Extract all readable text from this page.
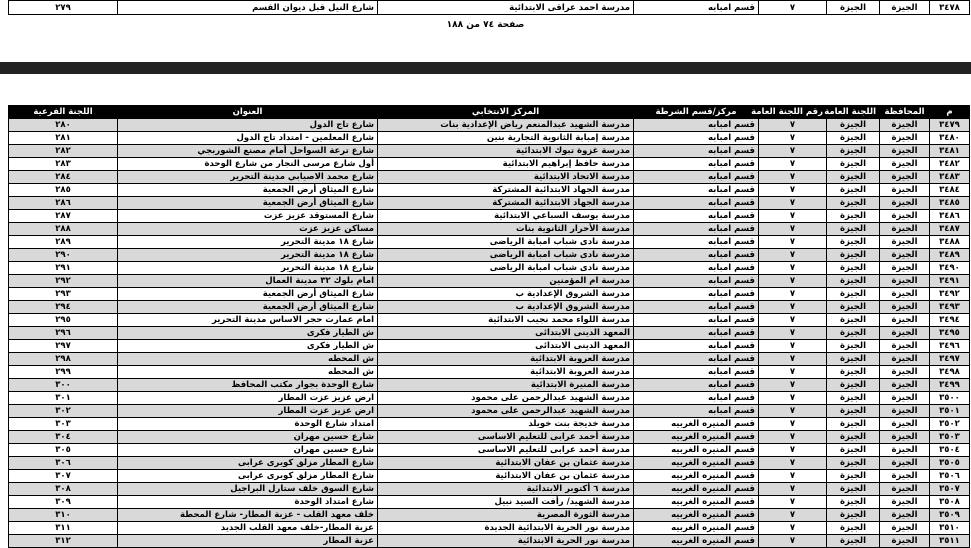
٣٤٧٨	الجيزة	الجيزة	٧	قسم امبابه	مدرسة احمد عراقى الابتدائية	شارع النيل قبل ديوان القسم	٢٧٩
صفحة ٧٤ من ١٨٨
م	المحافظة	اللجنة العامة	رقم اللجنة العامة	مركز/قسم الشرطة	المركز الانتخابي	العنوان	اللجنة الفرعية
٣٤٧٩	الجيزة	الجيزة	٧	قسم امبابه	مدرسة الشهيد عبدالمنعم رياض الإعدادية بنات	شارع تاج الدول	٢٨٠
٣٤٨٠	الجيزة	الجيزة	٧	قسم امبابه	مدرسة إمبابة الثانوية التجارية بنين	شارع المعلمين - امتداد تاج الدول	٢٨١
٣٤٨١	الجيزة	الجيزة	٧	قسم امبابه	مدرسة غزوة تبوك الابتدائية	شارع ترعة السواحل أمام مصنع الشوربجي	٢٨٢
٣٤٨٢	الجيزة	الجيزة	٧	قسم امبابه	مدرسة حافظ إبراهيم الابتدائية	أول شارع مرسى النجار من شارع الوحدة	٢٨٣
٣٤٨٣	الجيزة	الجيزة	٧	قسم امبابه	مدرسة الاتحاد الابتدائية	شارع محمد الاصيابي مدينة التحرير	٢٨٤
٣٤٨٤	الجيزة	الجيزة	٧	قسم امبابه	مدرسة الجهاد الابتدائية المشتركة	شارع الميثاق أرض الجمعية	٢٨٥
٣٤٨٥	الجيزة	الجيزة	٧	قسم امبابه	مدرسة الجهاد الابتدائية المشتركة	شارع الميثاق أرض الجمعية	٢٨٦
٣٤٨٦	الجيزة	الجيزة	٧	قسم امبابه	مدرسة يوسف السباعي الابتدائية	شارع المستوقد عزيز عزت	٢٨٧
٣٤٨٧	الجيزة	الجيزة	٧	قسم امبابه	مدرسة الأحرار الثانوية بنات	مساكن عزيز عزت	٢٨٨
٣٤٨٨	الجيزة	الجيزة	٧	قسم امبابه	مدرسة نادى شباب امبابة الرياضى	شارع ١٨ مدينة التحرير	٢٨٩
٣٤٨٩	الجيزة	الجيزة	٧	قسم امبابه	مدرسة نادى شباب امبابة الرياضى	شارع ١٨ مدينة التحرير	٢٩٠
٣٤٩٠	الجيزة	الجيزة	٧	قسم امبابه	مدرسة نادى شباب امبابة الرياضى	شارع ١٨ مدينة التحرير	٢٩١
٣٤٩١	الجيزة	الجيزة	٧	قسم امبابه	مدرسة ام المؤمنين	امام بلوك ٣٢ مدينة العمال	٢٩٢
٣٤٩٢	الجيزة	الجيزة	٧	قسم امبابه	مدرسة الشروق الإعدادية ب	شارع الميثاق أرض الجمعية	٢٩٣
٣٤٩٣	الجيزة	الجيزة	٧	قسم امبابه	مدرسة الشروق الإعدادية ب	شارع الميثاق أرض الجمعية	٢٩٤
٣٤٩٤	الجيزة	الجيزة	٧	قسم امبابه	مدرسة اللواء محمد نجيب الابتدائية	امام عمارت حجر الاساس مدينة التحرير	٢٩٥
٣٤٩٥	الجيزة	الجيزة	٧	قسم امبابه	المعهد الدينى الابتدائى	ش الطيار فكرى	٢٩٦
٣٤٩٦	الجيزة	الجيزة	٧	قسم امبابه	المعهد الدينى الابتدائى	ش الطيار فكرى	٢٩٧
٣٤٩٧	الجيزة	الجيزة	٧	قسم امبابه	مدرسة العروبة الابتدائية	ش المحطه	٢٩٨
٣٤٩٨	الجيزة	الجيزة	٧	قسم امبابه	مدرسة العروبة الابتدائية	ش المحطه	٢٩٩
٣٤٩٩	الجيزة	الجيزة	٧	قسم امبابه	مدرسة المنيرة الابتدائية	شارع الوحدة بجوار مكتب المحافظ	٣٠٠
٣٥٠٠	الجيزة	الجيزة	٧	قسم امبابه	مدرسة الشهيد عبدالرحمن على محمود	ارض عزيز عزت المطار	٣٠١
٣٥٠١	الجيزة	الجيزة	٧	قسم امبابه	مدرسة الشهيد عبدالرحمن على محمود	ارض عزيز عزت المطار	٣٠٢
٣٥٠٢	الجيزة	الجيزة	٧	قسم المنيره الغربيه	مدرسة خديجة بنت خويلد	امتداد شارع الوحدة	٣٠٣
٣٥٠٣	الجيزة	الجيزة	٧	قسم المنيره الغربيه	مدرسة أحمد عرابى للتعليم الاساسى	شارع حسين مهران	٣٠٤
٣٥٠٤	الجيزة	الجيزة	٧	قسم المنيره الغربيه	مدرسة أحمد عرابى للتعليم الاساسى	شارع حسين مهران	٣٠٥
٣٥٠٥	الجيزة	الجيزة	٧	قسم المنيره الغربيه	مدرسة عثمان بن عفان الابتدائية	شارع المطار مزلق كوبرى عرابى	٣٠٦
٣٥٠٦	الجيزة	الجيزة	٧	قسم المنيره الغربيه	مدرسة عثمان بن عفان الابتدائية	شارع المطار مزلق كوبرى عرابى	٣٠٧
٣٥٠٧	الجيزة	الجيزة	٧	قسم المنيره الغربيه	مدرسة ٦ أكتوبر الابتدائية	شارع السوق خلف ستارل البراجيل	٣٠٨
٣٥٠٨	الجيزة	الجيزة	٧	قسم المنيره الغربيه	مدرسة الشهيد/ رأفت السيد نبيل	شارع امتداد الوحدة	٣٠٩
٣٥٠٩	الجيزة	الجيزة	٧	قسم المنيره الغربيه	مدرسة الثورة المصرية	خلف معهد القلب - عزبة المطار- شارع المحطة	٣١٠
٣٥١٠	الجيزة	الجيزة	٧	قسم المنيره الغربيه	مدرسة نور الحرية الابتدائية الجديدة	عزبة المطار-خلف معهد القلب الجديد	٣١١
٣٥١١	الجيزة	الجيزة	٧	قسم المنيره الغربيه	مدرسة نور الحرية الابتدائية	عزبة المطار	٣١٢
